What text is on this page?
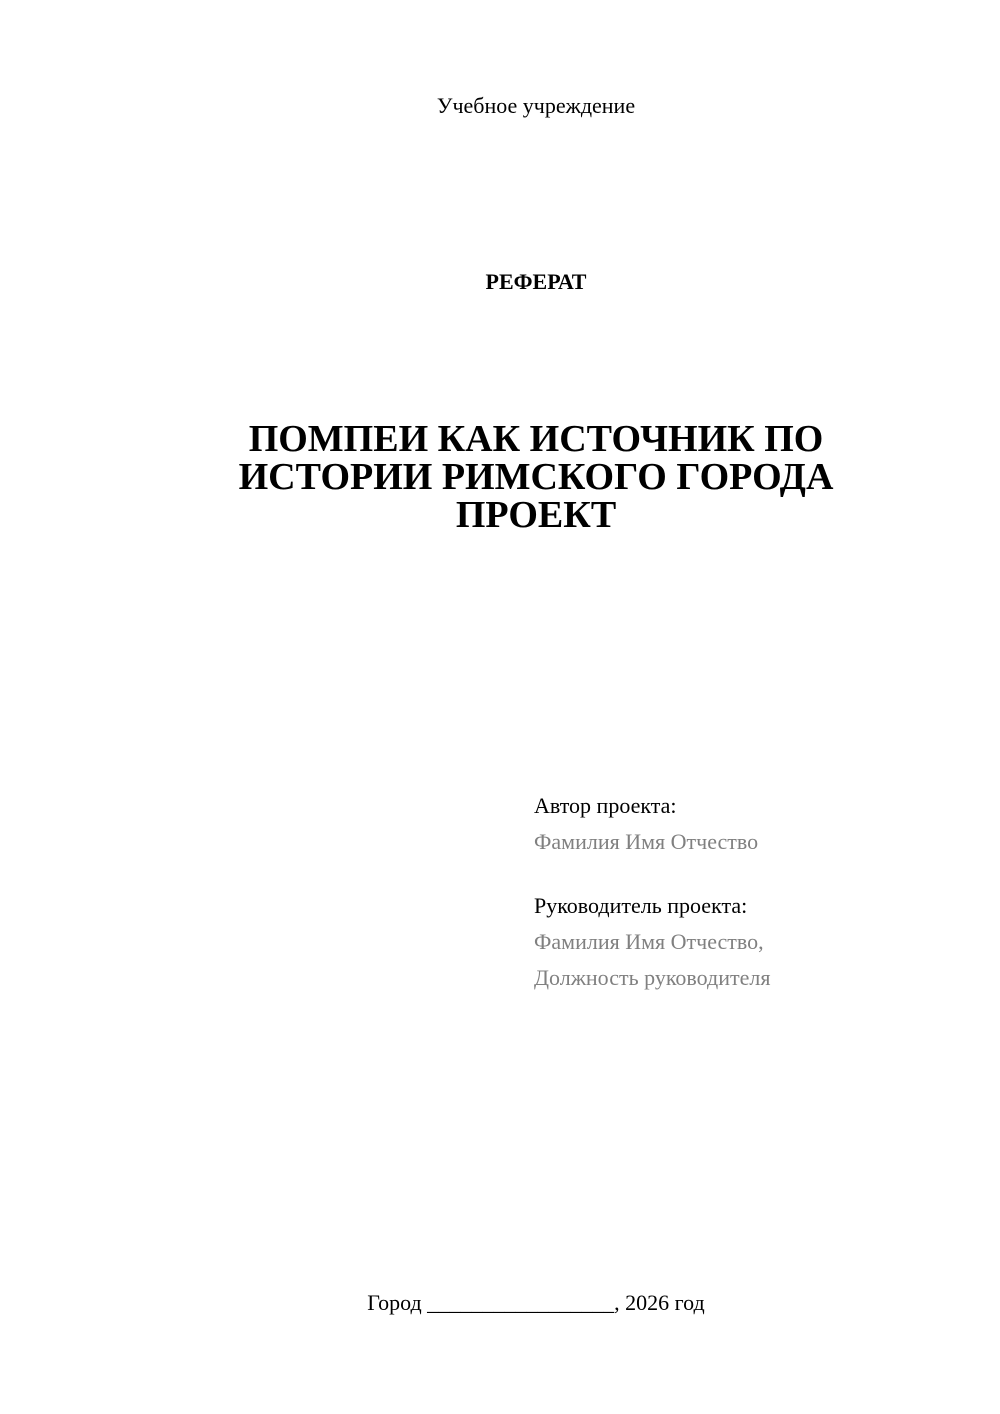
Учебное учреждение
РЕФЕРАТ
ПОМПЕИ КАК ИСТОЧНИК ПО
ИСТОРИИ РИМСКОГО ГОРОДА
ПРОЕКТ
Автор проекта:
Фамилия Имя Отчество
Руководитель проекта:
Фамилия Имя Отчество,
Должность руководителя
Город _________________, 2026 год
